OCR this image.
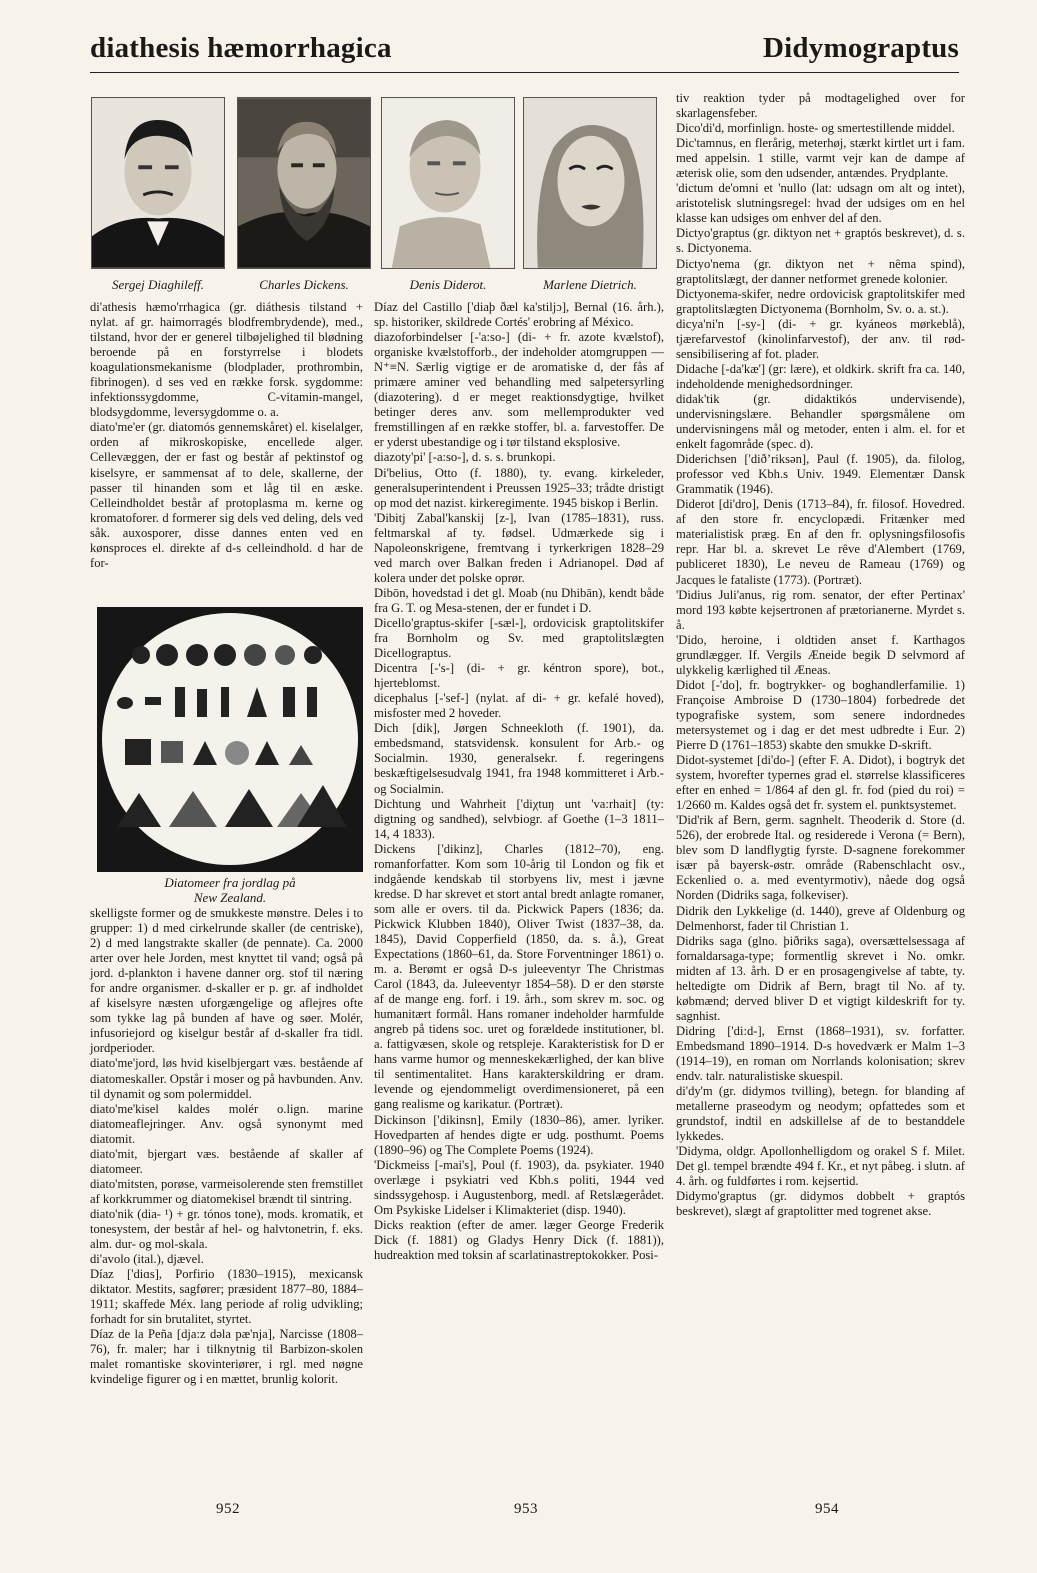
diathesis hæmorrhagica	Didymograptus
Sergej Diaghileff.	Charles Dickens.	Denis Diderot.	Marlene Dietrich.

di'athesis hæmo'rrhagica (gr. diáthesis tilstand + nylat. af gr. haimorragés blodfrembrydende), med., tilstand, hvor der er generel tilbøjelighed til blødning beroende på en forstyrrelse i blodets koagulationsmekanisme (blodplader, prothrombin, fibrinogen). d ses ved en række forsk. sygdomme: infektionssygdomme, C-vitamin-mangel, blodsygdomme, leversygdomme o. a.

diato'me'er (gr. diatomós gennemskåret) el. kiselalger, orden af mikroskopiske, encellede alger. Cellevæggen, der er fast og består af pektinstof og kiselsyre, er sammensat af to dele, skallerne, der passer til hinanden som et låg til en æske. Celleindholdet består af protoplasma m. kerne og kromatoforer. d formerer sig dels ved deling, dels ved såk. auxosporer, disse dannes enten ved en kønsproces el. direkte af d-s celleindhold. d har de for-

Diatomeer fra jordlag på
New Zealand.

skelligste former og de smukkeste mønstre. Deles i to grupper: 1) d med cirkelrunde skaller (de centriske), 2) d med langstrakte skaller (de pennate). Ca. 2000 arter over hele Jorden, mest knyttet til vand; også på jord. d-plankton i havene danner org. stof til næring for andre organismer. d-skaller er p. gr. af indholdet af kiselsyre næsten uforgængelige og aflejres ofte som tykke lag på bunden af have og søer. Molér, infusoriejord og kiselgur består af d-skaller fra tidl. jordperioder.

diato'me'jord, løs hvid kiselbjergart væs. bestående af diatomeskaller. Opstår i moser og på havbunden. Anv. til dynamit og som polermiddel.

diato'me'kisel kaldes molér o.lign. marine diatomeaflejringer. Anv. også synonymt med diatomit.

diato'mit, bjergart væs. bestående af skaller af diatomeer.

diato'mitsten, porøse, varmeisolerende sten fremstillet af korkkrummer og diatomekisel brændt til sintring.

diato'nik (dia- ¹) + gr. tónos tone), mods. kromatik, et tonesystem, der består af hel- og halvtonetrin, f. eks. alm. dur- og mol-skala.

di'avolo (ital.), djævel.

Díaz ['diɑs], Porfirio (1830–1915), mexicansk diktator. Mestits, sagfører; præsident 1877–80, 1884–1911; skaffede Méx. lang periode af rolig udvikling; forhadt for sin brutalitet, styrtet.

Díaz de la Peña [dja:z dəla pæ'nja], Narcisse (1808–76), fr. maler; har i tilknytnig til Barbizon-skolen malet romantiske skovinteriører, i rgl. med nøgne kvindelige figurer og i en mættet, brunlig kolorit.

Díaz del Castillo ['diaþ ðæl ka'stiljɔ], Bernal (16. årh.), sp. historiker, skildrede Cortés' erobring af México.

diazoforbindelser [-'a:so-] (di- + fr. azote kvælstof), organiske kvælstofforb., der indeholder atomgruppen —N⁺≡N. Særlig vigtige er de aromatiske d, der fås af primære aminer ved behandling med salpetersyrling (diazotering). d er meget reaktionsdygtige, hvilket betinger deres anv. som mellemprodukter ved fremstillingen af en række stoffer, bl. a. farvestoffer. De er yderst ubestandige og i tør tilstand eksplosive.

diazoty'pi' [-a:so-], d. s. s. brunkopi.

Di'belius, Otto (f. 1880), ty. evang. kirkeleder, generalsuperintendent i Preussen 1925–33; trådte dristigt op mod det nazist. kirkeregimente. 1945 biskop i Berlin.

'Dibitj Zabal'kanskij [z-], Ivan (1785–1831), russ. feltmarskal af ty. fødsel. Udmærkede sig i Napoleonskrigene, fremtvang i tyrkerkrigen 1828–29 ved march over Balkan freden i Adrianopel. Død af kolera under det polske oprør.

Dibōn, hovedstad i det gl. Moab (nu Dhibān), kendt både fra G. T. og Mesa-stenen, der er fundet i D.

Dicello'graptus-skifer [-sæl-], ordovicisk graptolitskifer fra Bornholm og Sv. med graptolitslægten Dicellograptus.

Dicentra [-'s-] (di- + gr. kéntron spore), bot., hjerteblomst.

dicephalus [-'sef-] (nylat. af di- + gr. kefalé hoved), misfoster med 2 hoveder.

Dich [dik], Jørgen Schneekloth (f. 1901), da. embedsmand, statsvidensk. konsulent for Arb.- og Socialmin. 1930, generalsekr. f. regeringens beskæftigelsesudvalg 1941, fra 1948 kommitteret i Arb.- og Socialmin.

Dichtung und Wahrheit ['diχtuŋ unt 'va:rhait] (ty: digtning og sandhed), selvbiogr. af Goethe (1–3 1811–14, 4 1833).

Dickens ['dikinz], Charles (1812–70), eng. romanforfatter. Kom som 10-årig til London og fik et indgående kendskab til storbyens liv, mest i jævne kredse. D har skrevet et stort antal bredt anlagte romaner, som alle er overs. til da. Pickwick Papers (1836; da. Pickwick Klubben 1840), Oliver Twist (1837–38, da. 1845), David Copperfield (1850, da. s. å.), Great Expectations (1860–61, da. Store Forventninger 1861) o. m. a. Berømt er også D-s juleeventyr The Christmas Carol (1843, da. Juleeventyr 1854–58). D er den største af de mange eng. forf. i 19. årh., som skrev m. soc. og humanitært formål. Hans romaner indeholder harmfulde angreb på tidens soc. uret og forældede institutioner, bl. a. fattigvæsen, skole og retspleje. Karakteristisk for D er hans varme humor og menneskekærlighed, der kan blive til sentimentalitet. Hans karakterskildring er dram. levende og ejendommeligt overdimensioneret, på een gang realisme og karikatur. (Portræt).

Dickinson ['dikinsn], Emily (1830–86), amer. lyriker. Hovedparten af hendes digte er udg. posthumt. Poems (1890–96) og The Complete Poems (1924).

'Dickmeiss [-mai's], Poul (f. 1903), da. psykiater. 1940 overlæge i psykiatri ved Kbh.s politi, 1944 ved sindssygehosp. i Augustenborg, medl. af Retslægerådet. Om Psykiske Lidelser i Klimakteriet (disp. 1940).

Dicks reaktion (efter de amer. læger George Frederik Dick (f. 1881) og Gladys Henry Dick (f. 1881)), hudreaktion med toksin af scarlatinastreptokokker. Posi-

tiv reaktion tyder på modtagelighed over for skarlagensfeber.

Dico'di'd, morfinlign. hoste- og smertestillende middel.

Dic'tamnus, en flerårig, meterhøj, stærkt kirtlet urt i fam. med appelsin. 1 stille, varmt vejr kan de dampe af æterisk olie, som den udsender, antændes. Prydplante.

'dictum de'omni et 'nullo (lat: udsagn om alt og intet), aristotelisk slutningsregel: hvad der udsiges om en hel klasse kan udsiges om enhver del af den.

Dictyo'graptus (gr. diktyon net + graptós beskrevet), d. s. s. Dictyonema.

Dictyo'nema (gr. diktyon net + nêma spind), graptolitslægt, der danner netformet grenede kolonier.

Dictyonema-skifer, nedre ordovicisk graptolitskifer med graptolitslægten Dictyonema (Bornholm, Sv. o. a. st.).

dicya'ni'n [-sy-] (di- + gr. kyáneos mørkeblå), tjærefarvestof (kinolinfarvestof), der anv. til rød-sensibilisering af fot. plader.

Didache [-da'kæ'] (gr: lære), et oldkirk. skrift fra ca. 140, indeholdende menighedsordninger.

didak'tik (gr. didaktikós undervisende), undervisningslære. Behandler spørgsmålene om undervisningens mål og metoder, enten i alm. el. for et enkelt fagområde (spec. d).

Diderichsen ['diðʼriksən], Paul (f. 1905), da. filolog, professor ved Kbh.s Univ. 1949. Elementær Dansk Grammatik (1946).

Diderot [di'dro], Denis (1713–84), fr. filosof. Hovedred. af den store fr. encyclopædi. Fritænker med materialistisk præg. En af den fr. oplysningsfilosofis repr. Har bl. a. skrevet Le rêve d'Alembert (1769, publiceret 1830), Le neveu de Rameau (1769) og Jacques le fataliste (1773). (Portræt).

'Didius Juli'anus, rig rom. senator, der efter Pertinax' mord 193 købte kejsertronen af prætorianerne. Myrdet s. å.

'Dido, heroine, i oldtiden anset f. Karthagos grundlægger. If. Vergils Æneide begik D selvmord af ulykkelig kærlighed til Æneas.

Didot [-'do], fr. bogtrykker- og boghandlerfamilie. 1) Françoise Ambroise D (1730–1804) forbedrede det typografiske system, som senere indordnedes metersystemet og i dag er det mest udbredte i Eur. 2) Pierre D (1761–1853) skabte den smukke D-skrift.

Didot-systemet [di'do-] (efter F. A. Didot), i bogtryk det system, hvorefter typernes grad el. størrelse klassificeres efter en enhed = 1/864 af den gl. fr. fod (pied du roi) = 1/2660 m. Kaldes også det fr. system el. punktsystemet.

'Did'rik af Bern, germ. sagnhelt. Theoderik d. Store (d. 526), der erobrede Ital. og residerede i Verona (= Bern), blev som D landflygtig fyrste. D-sagnene forekommer især på bayersk-østr. område (Rabenschlacht osv., Eckenlied o. a. med eventyrmotiv), nåede dog også Norden (Didriks saga, folkeviser).

Didrik den Lykkelige (d. 1440), greve af Oldenburg og Delmenhorst, fader til Christian 1.

Didriks saga (glno. þiðriks saga), oversættelsessaga af fornaldarsaga-type; formentlig skrevet i No. omkr. midten af 13. årh. D er en prosagengivelse af tabte, ty. heltedigte om Didrik af Bern, bragt til No. af ty. købmænd; derved bliver D et vigtigt kildeskrift for ty. sagnhist.

Didring ['di:d-], Ernst (1868–1931), sv. forfatter. Embedsmand 1890–1914. D-s hovedværk er Malm 1–3 (1914–19), en roman om Norrlands kolonisation; skrev endv. talr. naturalistiske skuespil.

di'dy'm (gr. didymos tvilling), betegn. for blanding af metallerne praseodym og neodym; opfattedes som et grundstof, indtil en adskillelse af de to bestanddele lykkedes.

'Didyma, oldgr. Apollonhelligdom og orakel S f. Milet. Det gl. tempel brændte 494 f. Kr., et nyt påbeg. i slutn. af 4. årh. og fuldførtes i rom. kejsertid.

Didymo'graptus (gr. didymos dobbelt + graptós beskrevet), slægt af graptolitter med togrenet akse.

952	953	954
